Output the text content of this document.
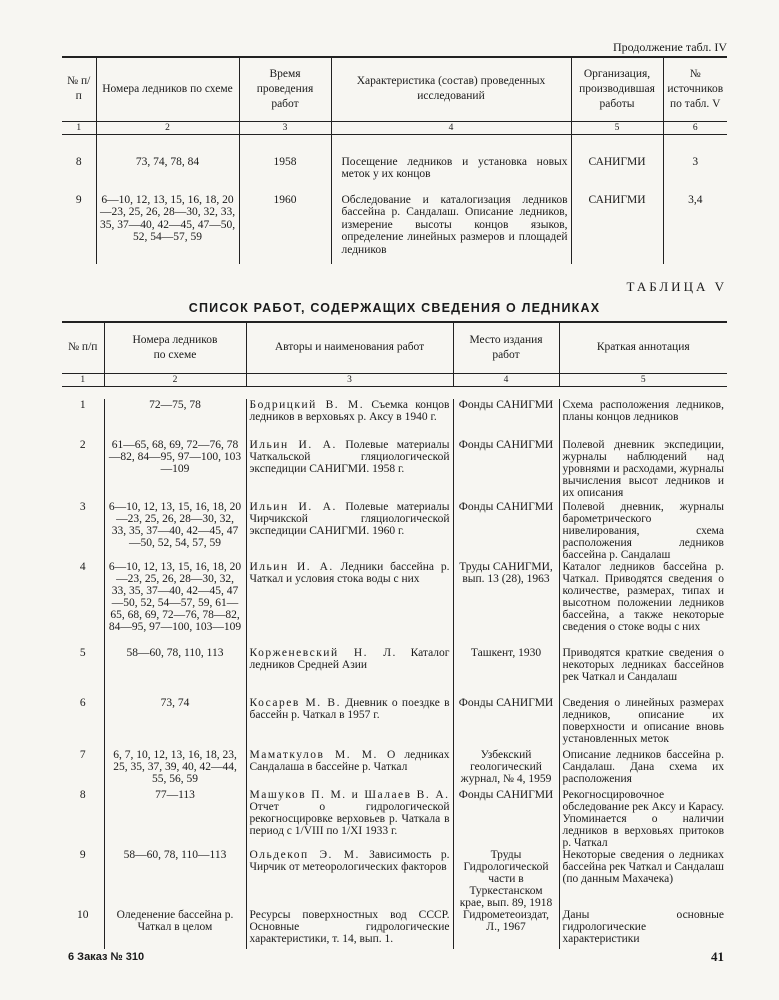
Продолжение табл. IV
№ п/п	Номера ледников по схеме	Время проведения работ	Характеристика (состав) проведенных исследований	Организация, производившая работы	№ источников по табл. V
1	2	3	4	5	6
8	73, 74, 78, 84	1958	Посещение ледников и установка новых меток у их концов	САНИГМИ	3
9	6—10, 12, 13, 15, 16, 18, 20—23, 25, 26, 28—30, 32, 33, 35, 37—40, 42—45, 47—50, 52, 54—57, 59	1960	Обследование и каталогизация ледников бассейна р. Сандалаш. Описание ледников, измерение высоты концов языков, определение линейных размеров и площадей ледников	САНИГМИ	3,4
ТАБЛИЦА V
СПИСОК РАБОТ, СОДЕРЖАЩИХ СВЕДЕНИЯ О ЛЕДНИКАХ
№ п/п	Номера ледников по схеме	Авторы и наименования работ	Место издания работ	Краткая аннотация
1	2	3	4	5

1	72—75, 78	Бодрицкий В. М. Съемка концов ледников в верховьях р. Аксу в 1940 г.	Фонды САНИГМИ	Схема расположения ледников, планы концов ледников
2	61—65, 68, 69, 72—76, 78—82, 84—95, 97—100, 103—109	Ильин И. А. Полевые материалы Чаткальской гляциологической экспедиции САНИГМИ. 1958 г.	Фонды САНИГМИ	Полевой дневник экспедиции, журналы наблюдений над уровнями и расходами, журналы вычисления высот ледников и их описания
3	6—10, 12, 13, 15, 16, 18, 20—23, 25, 26, 28—30, 32, 33, 35, 37—40, 42—45, 47—50, 52, 54, 57, 59	Ильин И. А. Полевые материалы Чирчикской гляциологической экспедиции САНИГМИ. 1960 г.	Фонды САНИГМИ	Полевой дневник, журналы барометрического нивелирования, схема расположения ледников бассейна р. Сандалаш
4	6—10, 12, 13, 15, 16, 18, 20—23, 25, 26, 28—30, 32, 33, 35, 37—40, 42—45, 47—50, 52, 54—57, 59, 61—65, 68, 69, 72—76, 78—82, 84—95, 97—100, 103—109	Ильин И. А. Ледники бассейна р. Чаткал и условия стока воды с них	Труды САНИГМИ, вып. 13 (28), 1963	Каталог ледников бассейна р. Чаткал. Приводятся сведения о количестве, размерах, типах и высотном положении ледников бассейна, а также некоторые сведения о стоке воды с них
5	58—60, 78, 110, 113	Корженевский Н. Л. Каталог ледников Средней Азии	Ташкент, 1930	Приводятся краткие сведения о некоторых ледниках бассейнов рек Чаткал и Сандалаш
6	73, 74	Косарев М. В. Дневник о поездке в бассейн р. Чаткал в 1957 г.	Фонды САНИГМИ	Сведения о линейных размерах ледников, описание их поверхности и описание вновь установленных меток
7	6, 7, 10, 12, 13, 16, 18, 23, 25, 35, 37, 39, 40, 42—44, 55, 56, 59	Маматкулов М. М. О ледниках Сандалаша в бассейне р. Чаткал	Узбекский геологический журнал, № 4, 1959	Описание ледников бассейна р. Сандалаш. Дана схема их расположения
8	77—113	Машуков П. М. и Шалаев В. А. Отчет о гидрологической рекогносцировке верховьев р. Чаткала в период с 1/VIII по 1/XI 1933 г.	Фонды САНИГМИ	Рекогносцировочное обследование рек Аксу и Карасу. Упоминается о наличии ледников в верховьях притоков р. Чаткал
9	58—60, 78, 110—113	Ольдекоп Э. М. Зависимость р. Чирчик от метеорологических факторов	Труды Гидрологической части в Туркестанском крае, вып. 89, 1918	Некоторые сведения о ледниках бассейна рек Чаткал и Сандалаш (по данным Махачека)
10	Оледенение бассейна р. Чаткал в целом	Ресурсы поверхностных вод СССР. Основные гидрологические характеристики, т. 14, вып. 1.	Гидрометеоиздат, Л., 1967	Даны основные гидрологические характеристики
6 Заказ № 310	41
